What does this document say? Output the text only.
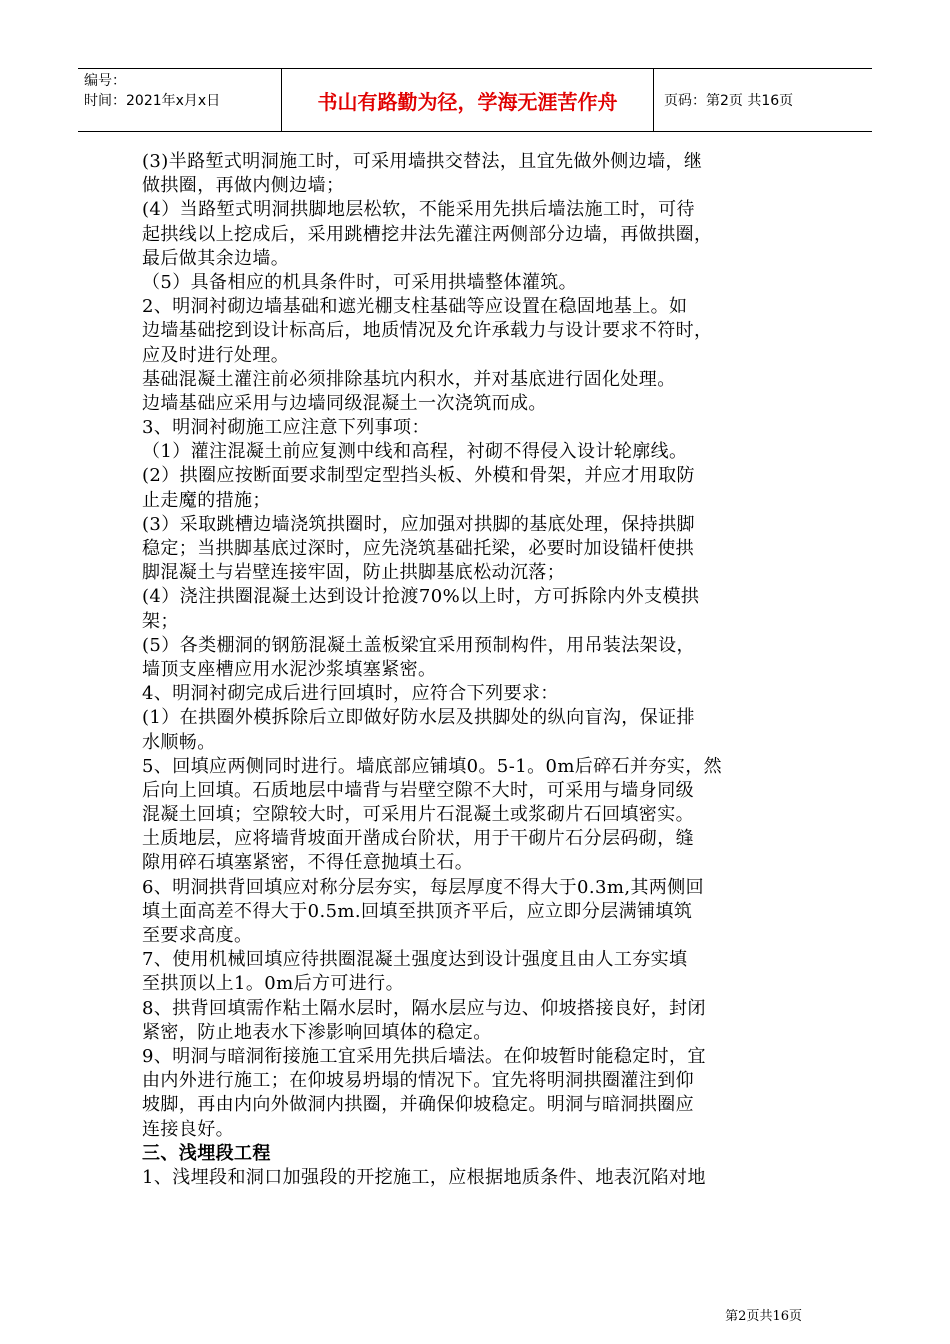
编号：
时间：2021年x月x日	书山有路勤为径，学海无涯苦作舟	页码：第2页 共16页
(3)半路堑式明洞施工时，可采用墙拱交替法，且宜先做外侧边墙，继
做拱圈，再做内侧边墙；
(4）当路堑式明洞拱脚地层松软，不能采用先拱后墙法施工时，可待
起拱线以上挖成后，采用跳槽挖井法先灌注两侧部分边墙，再做拱圈，
最后做其余边墙。
（5）具备相应的机具条件时，可采用拱墙整体灌筑。
2、明洞衬砌边墙基础和遮光棚支柱基础等应设置在稳固地基上。如
边墙基础挖到设计标高后，地质情况及允许承载力与设计要求不符时，
应及时进行处理。
基础混凝土灌注前必须排除基坑内积水，并对基底进行固化处理。
边墙基础应采用与边墙同级混凝土一次浇筑而成。
3、明洞衬砌施工应注意下列事项：
（1）灌注混凝土前应复测中线和高程，衬砌不得侵入设计轮廓线。
(2）拱圈应按断面要求制型定型挡头板、外模和骨架，并应才用取防
止走魔的措施；
(3）采取跳槽边墙浇筑拱圈时，应加强对拱脚的基底处理，保持拱脚
稳定；当拱脚基底过深时，应先浇筑基础托梁，必要时加设锚杆使拱
脚混凝土与岩壁连接牢固，防止拱脚基底松动沉落；
(4）浇注拱圈混凝土达到设计抢渡70%以上时，方可拆除内外支模拱
架；
(5）各类棚洞的钢筋混凝土盖板梁宜采用预制构件，用吊装法架设，
墙顶支座槽应用水泥沙浆填塞紧密。
4、明洞衬砌完成后进行回填时，应符合下列要求：
(1）在拱圈外模拆除后立即做好防水层及拱脚处的纵向盲沟，保证排
水顺畅。
5、回填应两侧同时进行。墙底部应铺填0。5-1。0m后碎石并夯实，然
后向上回填。石质地层中墙背与岩壁空隙不大时，可采用与墙身同级
混凝土回填；空隙较大时，可采用片石混凝土或浆砌片石回填密实。
土质地层，应将墙背坡面开凿成台阶状，用于干砌片石分层码砌，缝
隙用碎石填塞紧密，不得任意抛填土石。
6、明洞拱背回填应对称分层夯实，每层厚度不得大于0.3m,其两侧回
填土面高差不得大于0.5m.回填至拱顶齐平后，应立即分层满铺填筑
至要求高度。
7、使用机械回填应待拱圈混凝土强度达到设计强度且由人工夯实填
至拱顶以上1。0m后方可进行。
8、拱背回填需作粘土隔水层时，隔水层应与边、仰坡搭接良好，封闭
紧密，防止地表水下渗影响回填体的稳定。
9、明洞与暗洞衔接施工宜采用先拱后墙法。在仰坡暂时能稳定时，宜
由内外进行施工；在仰坡易坍塌的情况下。宜先将明洞拱圈灌注到仰
坡脚，再由内向外做洞内拱圈，并确保仰坡稳定。明洞与暗洞拱圈应
连接良好。
三、浅埋段工程
1、浅埋段和洞口加强段的开挖施工，应根据地质条件、地表沉陷对地
第2页共16页
